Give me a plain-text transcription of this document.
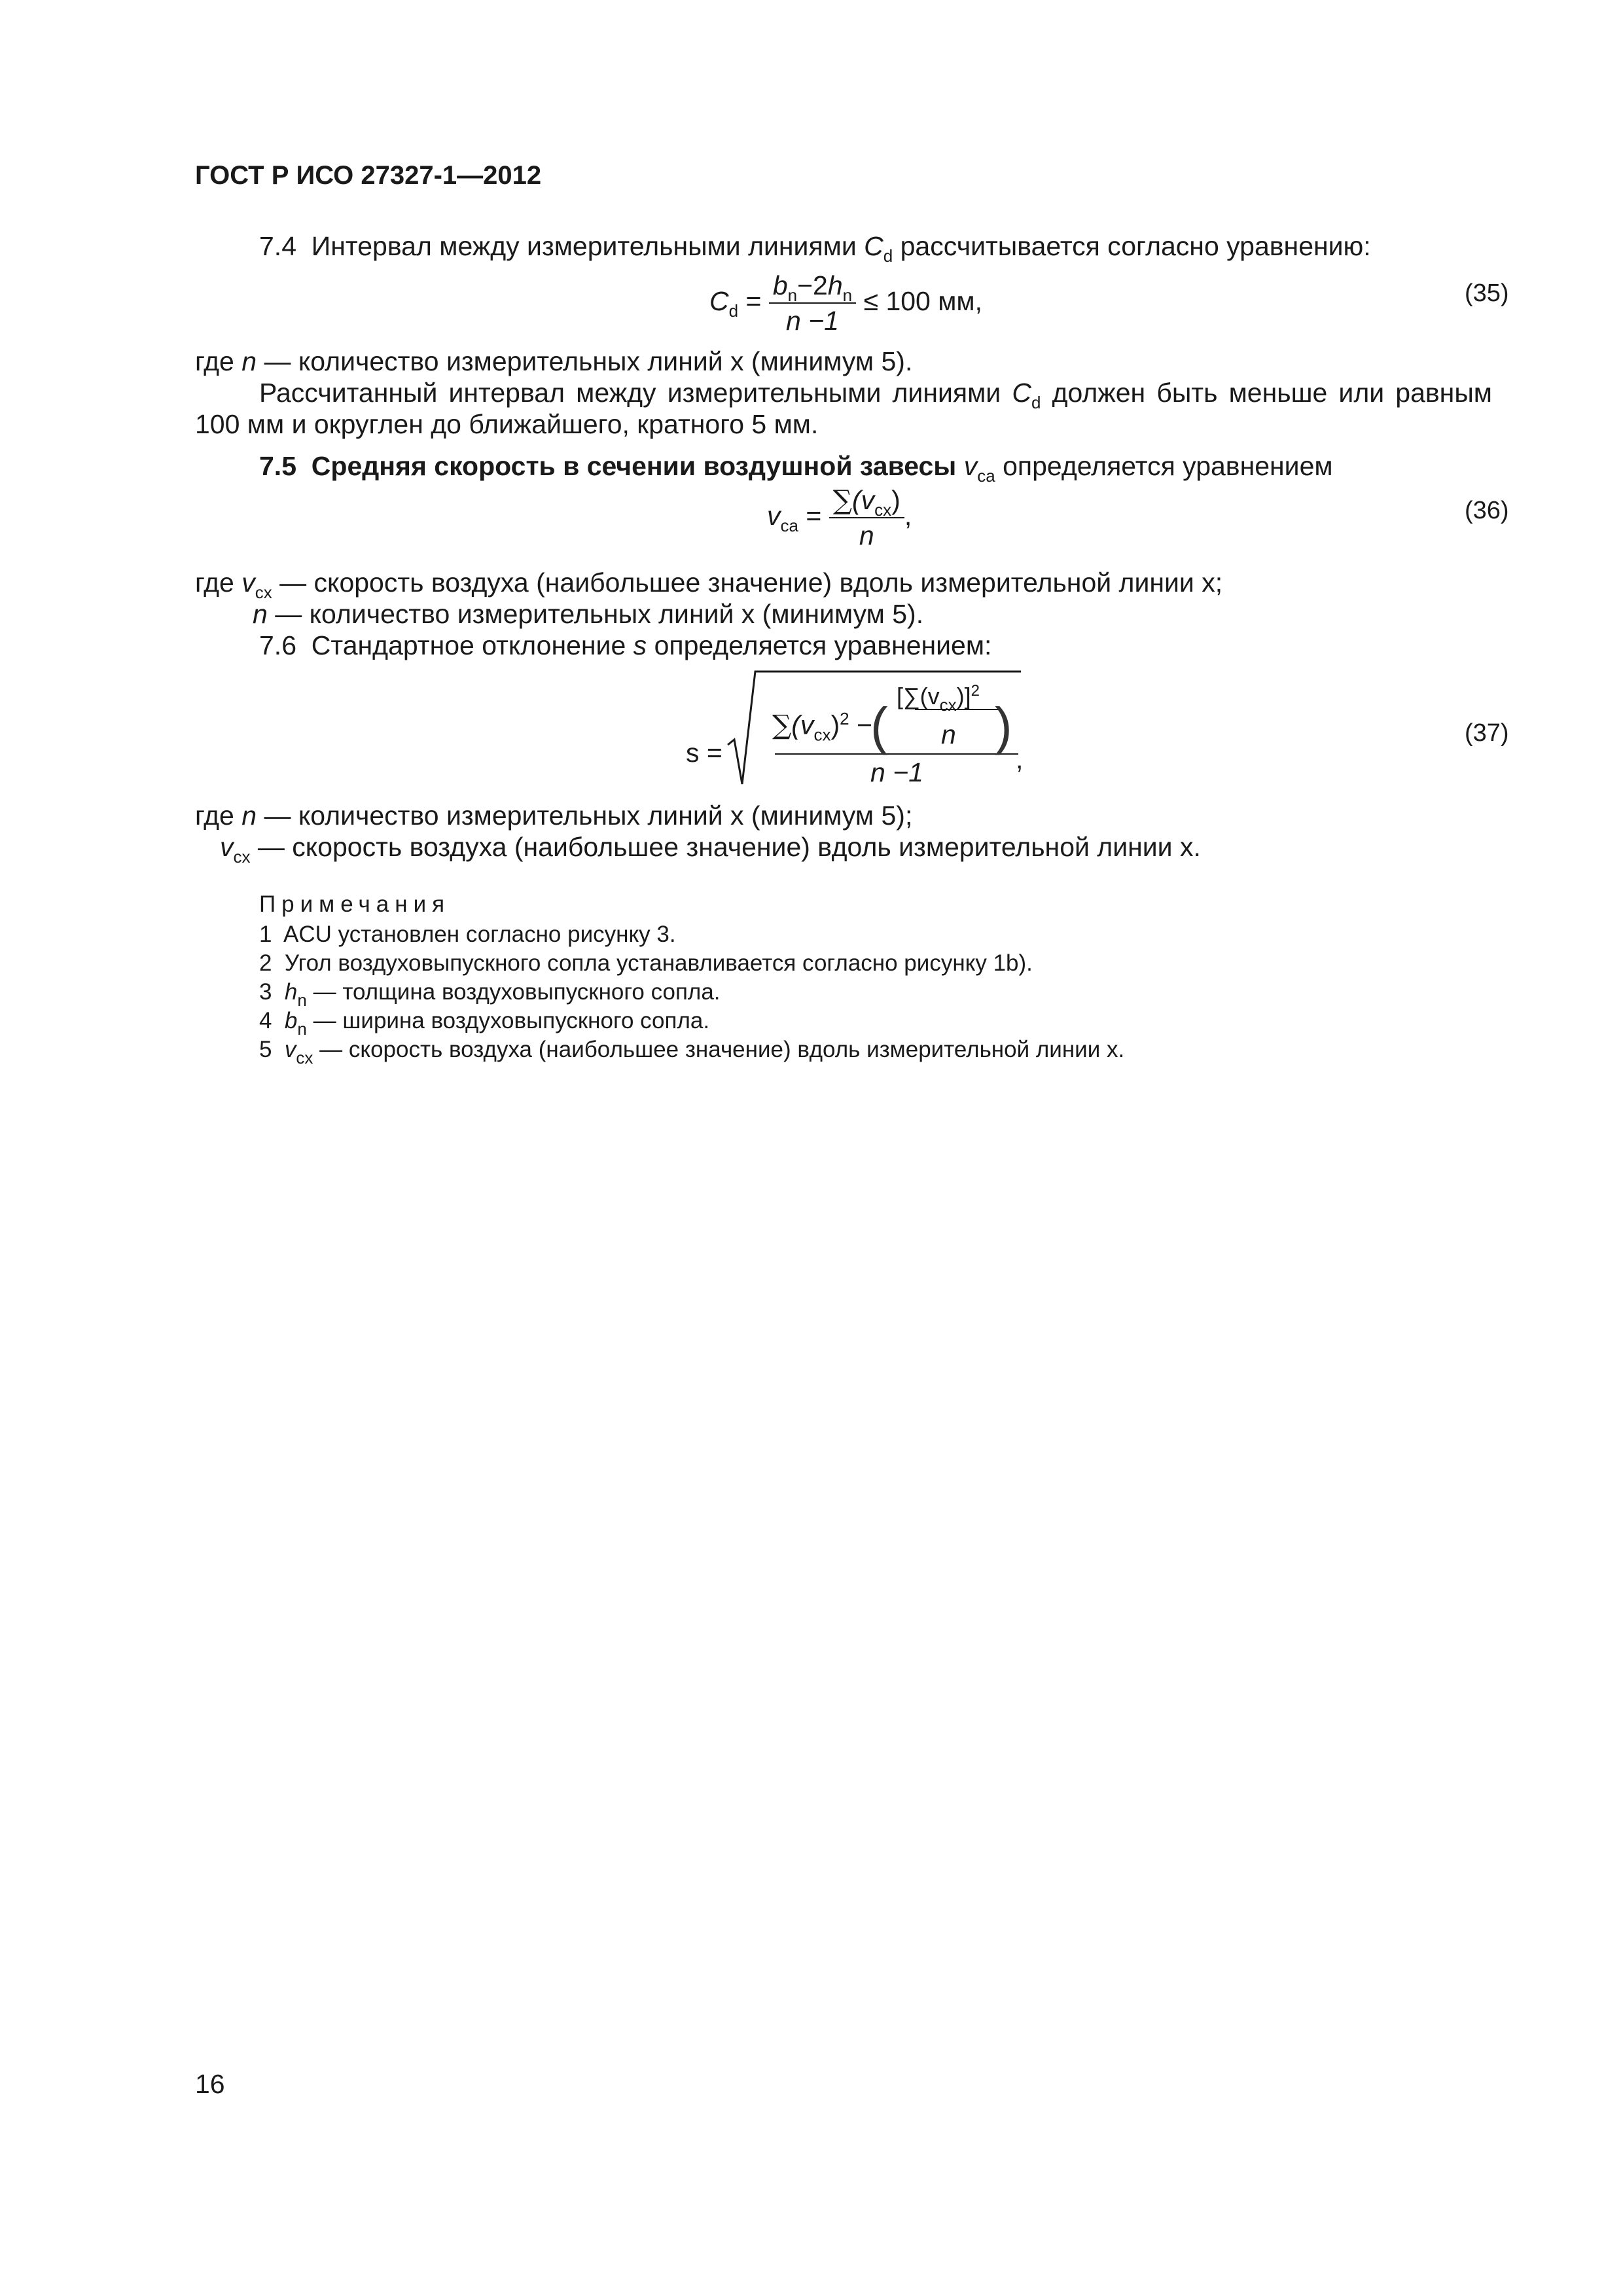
ГОСТ Р ИСО 27327-1—2012
7.4 Интервал между измерительными линиями $C_d$ рассчитывается согласно уравнению:
$C_d = \frac{b_n-2h_n}{n -1} \le 100$ мм,	(35)
где n — количество измерительных линий x (минимум 5).
Рассчитанный интервал между измерительными линиями $C_d$ должен быть меньше или равным 100 мм и округлен до ближайшего, кратного 5 мм.
7.5 Средняя скорость в сечении воздушной завесы $v_{ca}$ определяется уравнением
$v_{ca} = \frac{\sum(v_{cx})}{n}$ ,	(36)
где $v_{cx}$ — скорость воздуха (наибольшее значение) вдоль измерительной линии x;
n — количество измерительных линий x (минимум 5).
7.6 Стандартное отклонение s определяется уравнением:
s =
$\sum(v_{cx})^2$ −
(
$[\sum(v_{cx})]^2$
n )
n −1	,
(37)
где n — количество измерительных линий x (минимум 5);
$v_{cx}$ — скорость воздуха (наибольшее значение) вдоль измерительной линии x.
Примечания
1 ACU установлен согласно рисунку 3.
2 Угол воздуховыпускного сопла устанавливается согласно рисунку 1b).
3 $h_n$ — толщина воздуховыпускного сопла.
4 $b_n$ — ширина воздуховыпускного сопла.
5 $v_{cx}$ — скорость воздуха (наибольшее значение) вдоль измерительной линии x.
16
